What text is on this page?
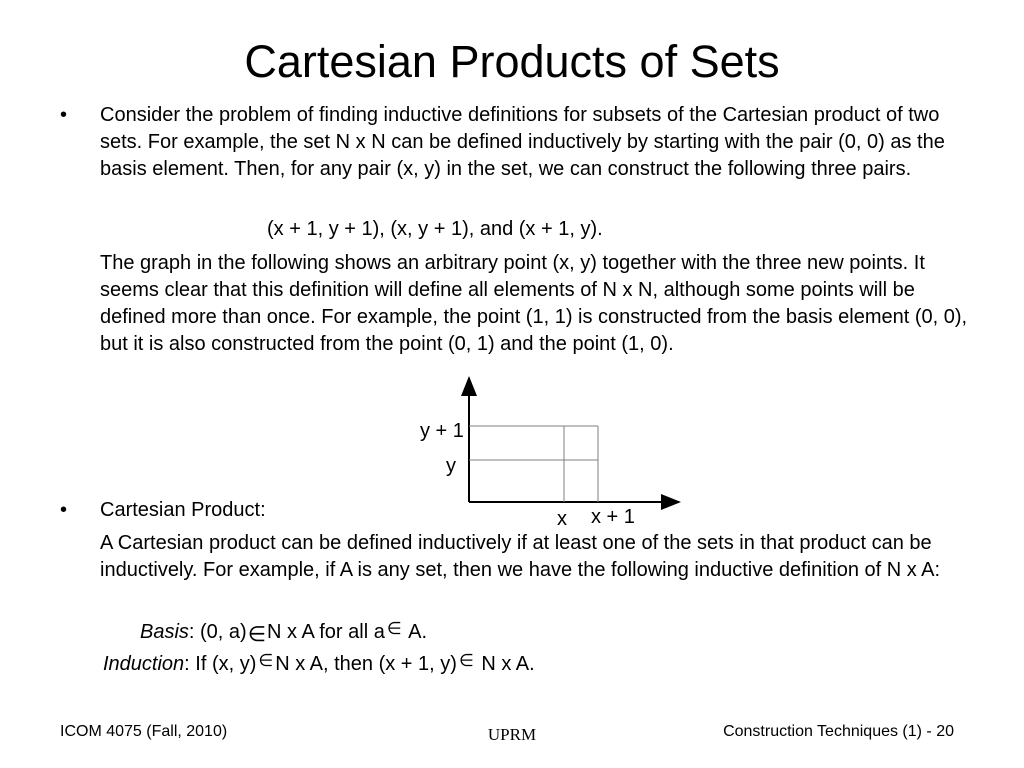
Cartesian Products of Sets
• Consider the problem of finding inductive definitions for subsets of the Cartesian product of two sets. For example, the set N x N can be defined inductively by starting with the pair (0, 0) as the basis element. Then, for any pair (x, y) in the set, we can construct the following three pairs.

(x + 1, y + 1), (x, y + 1), and (x + 1, y).

The graph in the following shows an arbitrary point (x, y) together with the three new points. It seems clear that this definition will define all elements of N x N, although some points will be defined more than once. For example, the point (1, 1) is constructed from the basis element (0, 0), but it is also constructed from the point (0, 1) and the point (1, 0).

y + 1
y
x x + 1
• Cartesian Product:

A Cartesian product can be defined inductively if at least one of the sets in that product can be inductively. For example, if A is any set, then we have the following inductive definition of N x A:

Basis: (0, a)∈N x A for all a ∈ A.
Induction: If (x, y) ∈ N x A, then (x + 1, y) ∈ N x A.
ICOM 4075 (Fall, 2010)	UPRM	Construction Techniques (1) - 20
